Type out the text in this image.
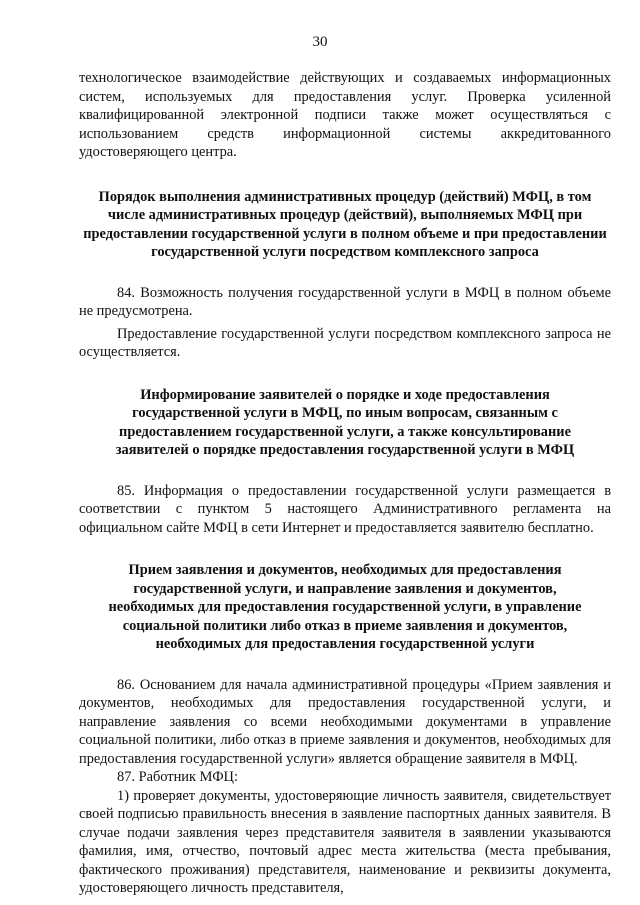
30

технологическое взаимодействие действующих и создаваемых информационных систем, используемых для предоставления услуг. Проверка усиленной квалифицированной электронной подписи также может осуществляться с использованием средств информационной системы аккредитованного удостоверяющего центра.

Порядок выполнения административных процедур (действий) МФЦ, в том числе административных процедур (действий), выполняемых МФЦ при предоставлении государственной услуги в полном объеме и при предоставлении государственной услуги посредством комплексного запроса

84. Возможность получения государственной услуги в МФЦ в полном объеме не предусмотрена.

Предоставление государственной услуги посредством комплексного запроса не осуществляется.

Информирование заявителей о порядке и ходе предоставления государственной услуги в МФЦ, по иным вопросам, связанным с предоставлением государственной услуги, а также консультирование заявителей о порядке предоставления государственной услуги в МФЦ

85. Информация о предоставлении государственной услуги размещается в соответствии с пунктом 5 настоящего Административного регламента на официальном сайте МФЦ в сети Интернет и предоставляется заявителю бесплатно.

Прием заявления и документов, необходимых для предоставления государственной услуги, и направление заявления и документов, необходимых для предоставления государственной услуги, в управление социальной политики либо отказ в приеме заявления и документов, необходимых для предоставления государственной услуги

86. Основанием для начала административной процедуры «Прием заявления и документов, необходимых для предоставления государственной услуги, и направление заявления со всеми необходимыми документами в управление социальной политики, либо отказ в приеме заявления и документов, необходимых для предоставления государственной услуги» является обращение заявителя в МФЦ.

87. Работник МФЦ:

1) проверяет документы, удостоверяющие личность заявителя, свидетельствует своей подписью правильность внесения в заявление паспортных данных заявителя. В случае подачи заявления через представителя заявителя в заявлении указываются фамилия, имя, отчество, почтовый адрес места жительства (места пребывания, фактического проживания) представителя, наименование и реквизиты документа, удостоверяющего личность представителя,
